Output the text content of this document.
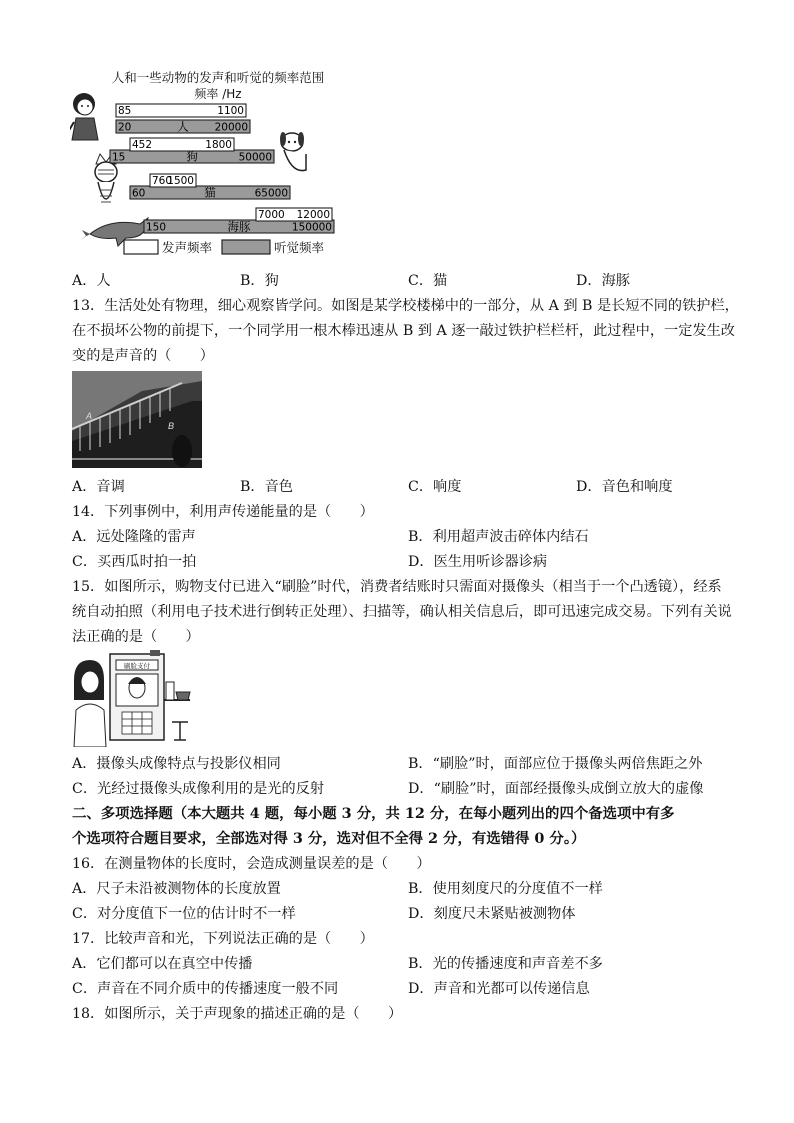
人和一些动物的发声和听觉的频率范围
频率 /Hz
85	1100
20	20000
人
452	1800
15	50000
狗
760
1500
60	65000
猫
7000 12000
150	150000
海豚
发声频率	听觉频率
A．人	B．狗	C．猫	D．海豚
13．生活处处有物理，细心观察皆学问。如图是某学校楼梯中的一部分，从 A 到 B 是长短不同的铁护栏，
在不损坏公物的前提下，一个同学用一根木棒迅速从 B 到 A 逐一敲过铁护栏栏杆，此过程中，一定发生改
变的是声音的（　　）
A
B
A．音调	B．音色	C．响度	D．音色和响度
14．下列事例中，利用声传递能量的是（　　）
A．远处隆隆的雷声	B．利用超声波击碎体内结石
C．买西瓜时拍一拍	D．医生用听诊器诊病
15．如图所示，购物支付已进入“刷脸”时代，消费者结账时只需面对摄像头（相当于一个凸透镜），经系
统自动拍照（利用电子技术进行倒转正处理）、扫描等，确认相关信息后，即可迅速完成交易。下列有关说
法正确的是（　　）
刷脸支付
A．摄像头成像特点与投影仪相同	B．“刷脸”时，面部应位于摄像头两倍焦距之外
C．光经过摄像头成像利用的是光的反射	D．“刷脸”时，面部经摄像头成倒立放大的虚像
二、多项选择题（本大题共 4 题，每小题 3 分，共 12 分，在每小题列出的四个备选项中有多
个选项符合题目要求，全部选对得 3 分，选对但不全得 2 分，有选错得 0 分。）
16．在测量物体的长度时，会造成测量误差的是（　　）
A．尺子未沿被测物体的长度放置	B．使用刻度尺的分度值不一样
C．对分度值下一位的估计时不一样	D．刻度尺未紧贴被测物体
17．比较声音和光，下列说法正确的是（　　）
A．它们都可以在真空中传播	B．光的传播速度和声音差不多
C．声音在不同介质中的传播速度一般不同	D．声音和光都可以传递信息
18．如图所示，关于声现象的描述正确的是（　　）
